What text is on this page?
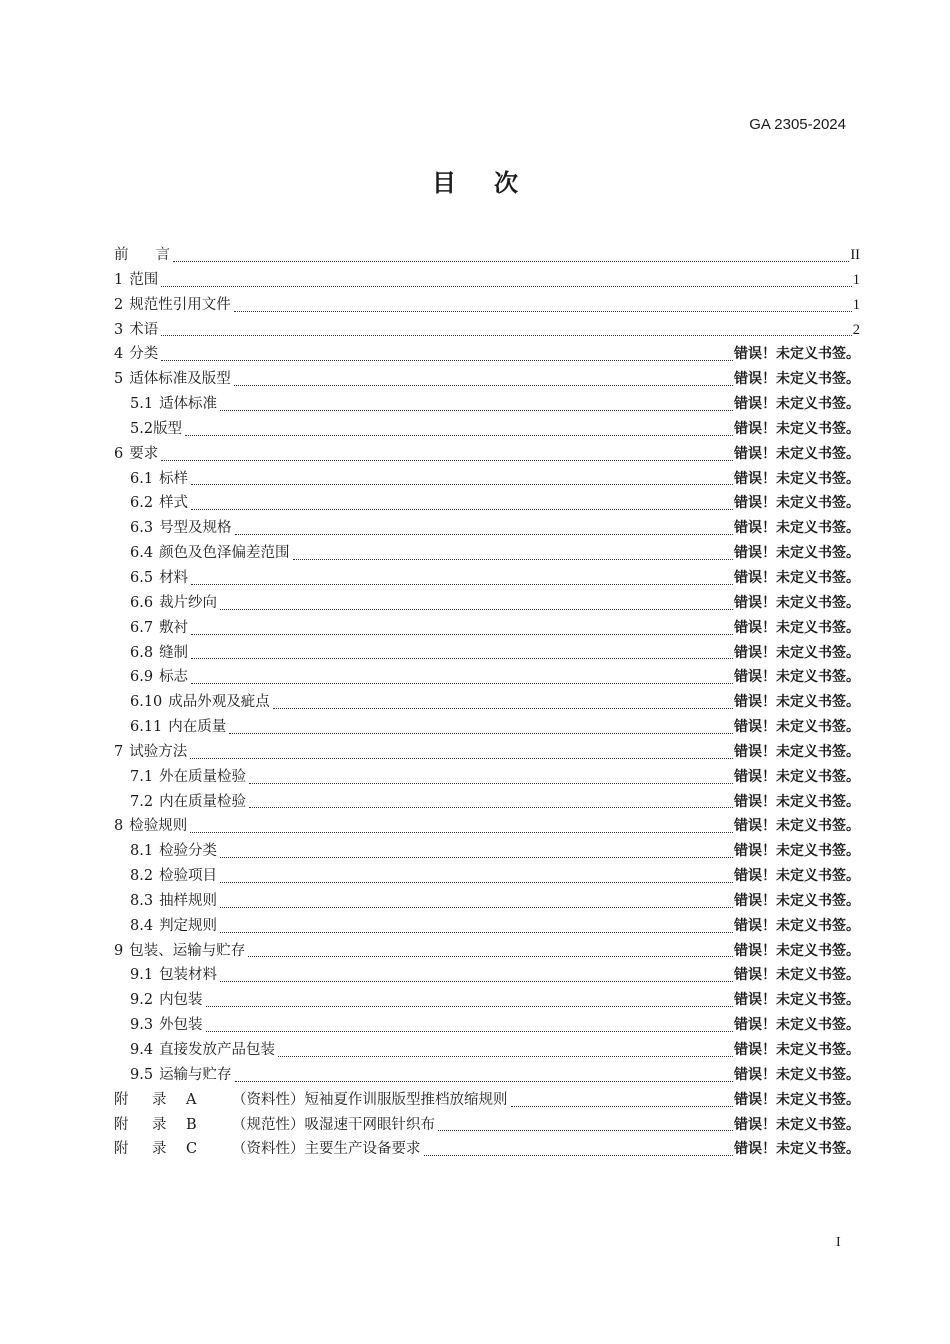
GA 2305-2024
目次
前言	II
1 范围	1
2 规范性引用文件	1
3 术语	2
4 分类	错误！未定义书签。
5 适体标准及版型	错误！未定义书签。
5.1 适体标准	错误！未定义书签。
5.2版型	错误！未定义书签。
6 要求	错误！未定义书签。
6.1 标样	错误！未定义书签。
6.2 样式	错误！未定义书签。
6.3 号型及规格	错误！未定义书签。
6.4 颜色及色泽偏差范围	错误！未定义书签。
6.5 材料	错误！未定义书签。
6.6 裁片纱向	错误！未定义书签。
6.7 敷衬	错误！未定义书签。
6.8 缝制	错误！未定义书签。
6.9 标志	错误！未定义书签。
6.10 成品外观及疵点	错误！未定义书签。
6.11 内在质量	错误！未定义书签。
7 试验方法	错误！未定义书签。
7.1 外在质量检验	错误！未定义书签。
7.2 内在质量检验	错误！未定义书签。
8 检验规则	错误！未定义书签。
8.1 检验分类	错误！未定义书签。
8.2 检验项目	错误！未定义书签。
8.3 抽样规则	错误！未定义书签。
8.4 判定规则	错误！未定义书签。
9 包装、运输与贮存	错误！未定义书签。
9.1 包装材料	错误！未定义书签。
9.2 内包装	错误！未定义书签。
9.3 外包装	错误！未定义书签。
9.4 直接发放产品包装	错误！未定义书签。
9.5 运输与贮存	错误！未定义书签。
附 录 A （资料性）短袖夏作训服版型推档放缩规则	错误！未定义书签。
附 录 B （规范性）吸湿速干网眼针织布	错误！未定义书签。
附 录 C （资料性）主要生产设备要求	错误！未定义书签。
I
